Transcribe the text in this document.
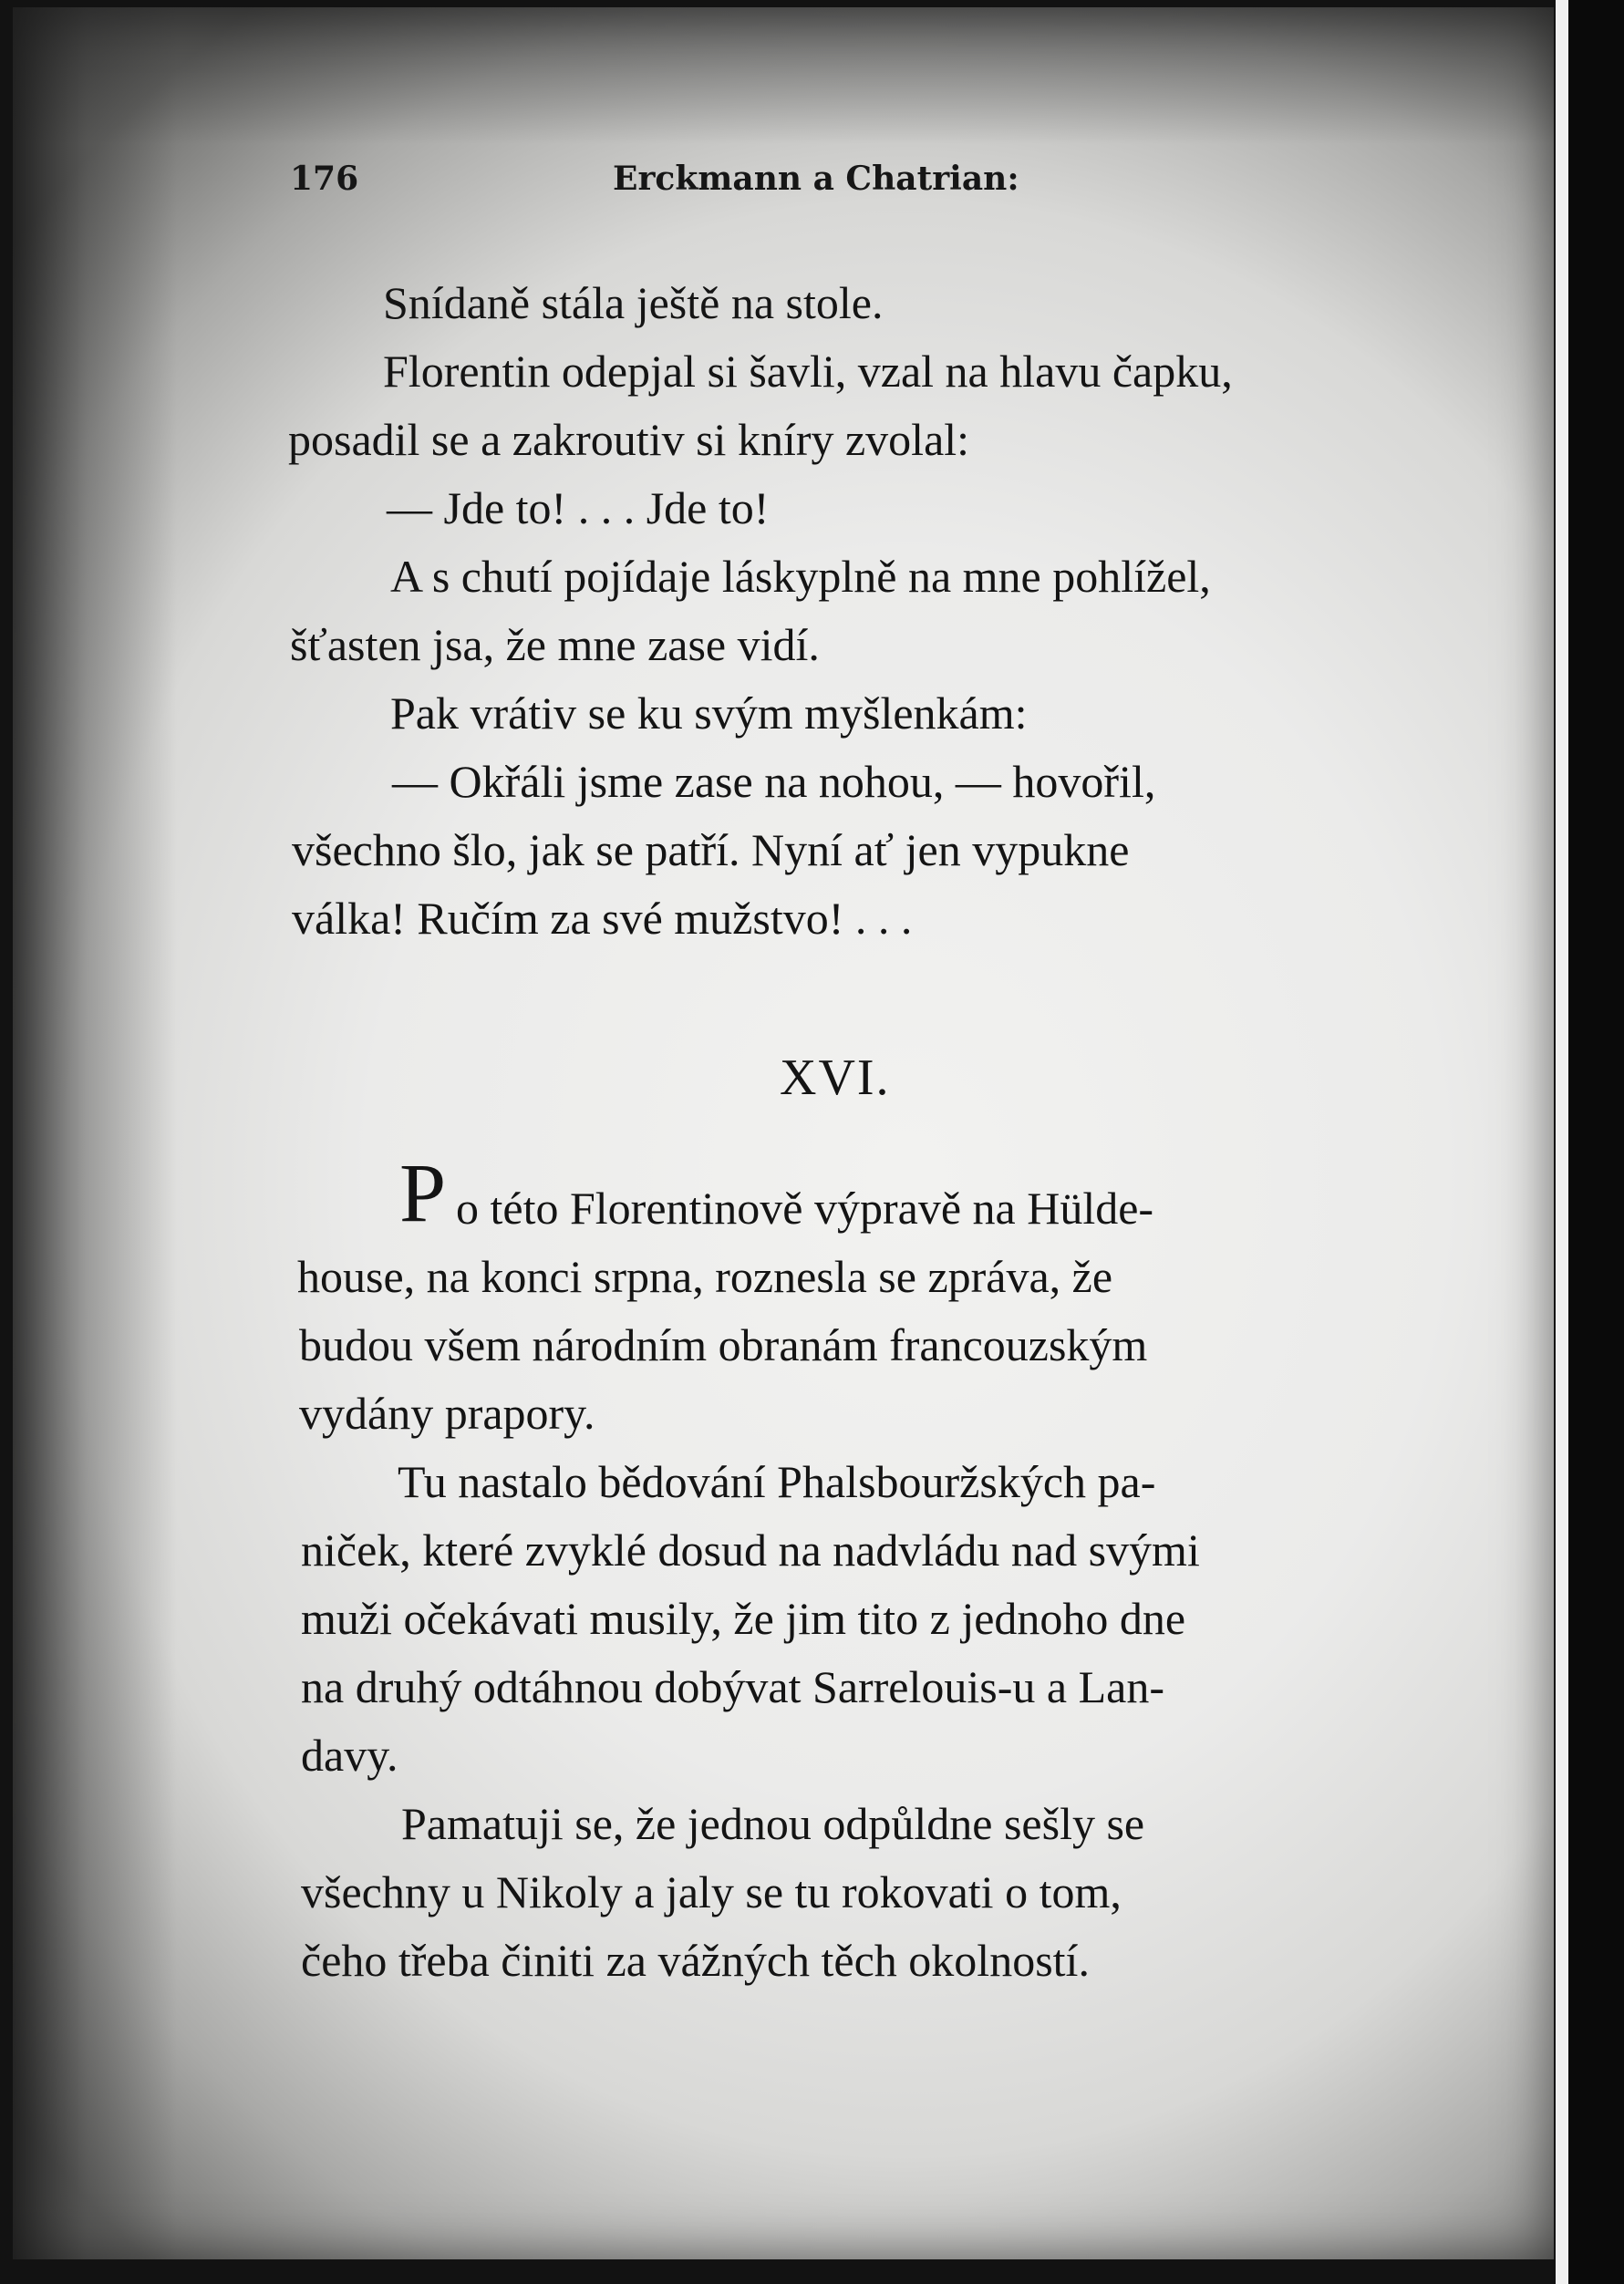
176	Erckmann a Chatrian:
Snídaně stála ještě na stole.
Florentin odepjal si šavli, vzal na hlavu čapku,
posadil se a zakroutiv si kníry zvolal:
— Jde to! . . . Jde to!
A s chutí pojídaje láskyplně na mne pohlížel,
šťasten jsa, že mne zase vidí.
Pak vrátiv se ku svým myšlenkám:
— Okřáli jsme zase na nohou, — hovořil,
všechno šlo, jak se patří. Nyní ať jen vypukne
válka! Ručím za své mužstvo! . . .
XVI.
P o této Florentinově výpravě na Hülde-
house, na konci srpna, roznesla se zpráva, že
budou všem národním obranám francouzským
vydány prapory.
Tu nastalo bědování Phalsbouržských pa-
niček, které zvyklé dosud na nadvládu nad svými
muži očekávati musily, že jim tito z jednoho dne
na druhý odtáhnou dobývat Sarrelouis-u a Lan-
davy.
Pamatuji se, že jednou odpůldne sešly se
všechny u Nikoly a jaly se tu rokovati o tom,
čeho třeba činiti za vážných těch okolností.
